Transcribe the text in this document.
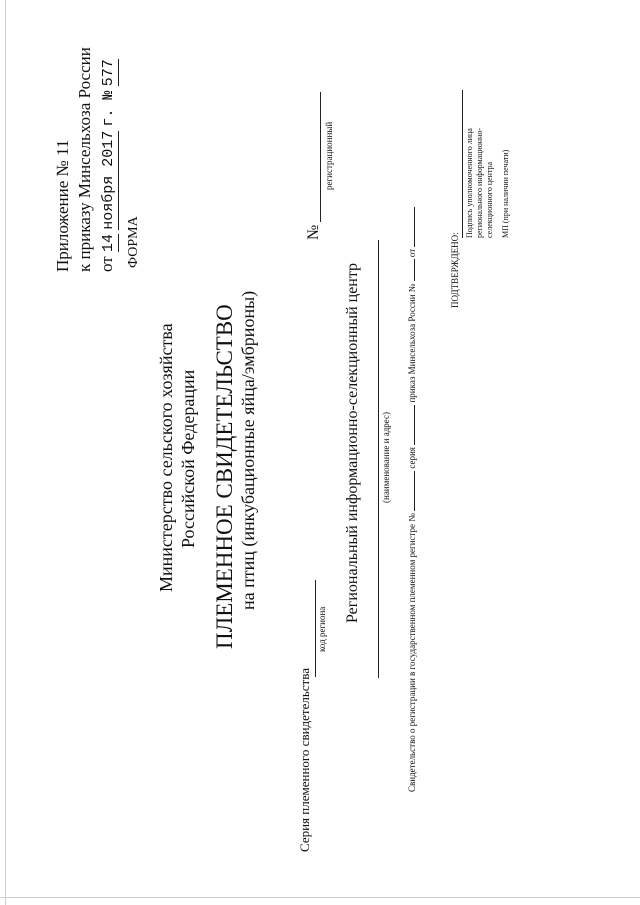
Приложение № 11 к приказу Минсельхоза России от 14 ноября 2017 г. № 577
ФОРМА
Министерство сельского хозяйства Российской Федерации ПЛЕМЕННОЕ СВИДЕТЕЛЬСТВО на птиц (инкубационные яйца/эмбрионы)
№
регистрационный
Серия племенного свидетельства
код региона
Региональный информационно-селекционный центр (наименование и адрес)
Свидетельство о регистрации в государственном племенном регистре №  серия  приказ Минсельхоза России №  от	ПОДТВЕРЖДЕНО:
Подпись уполномоченного лица регионального информационно- селекционного центра МП (при наличии печати)
